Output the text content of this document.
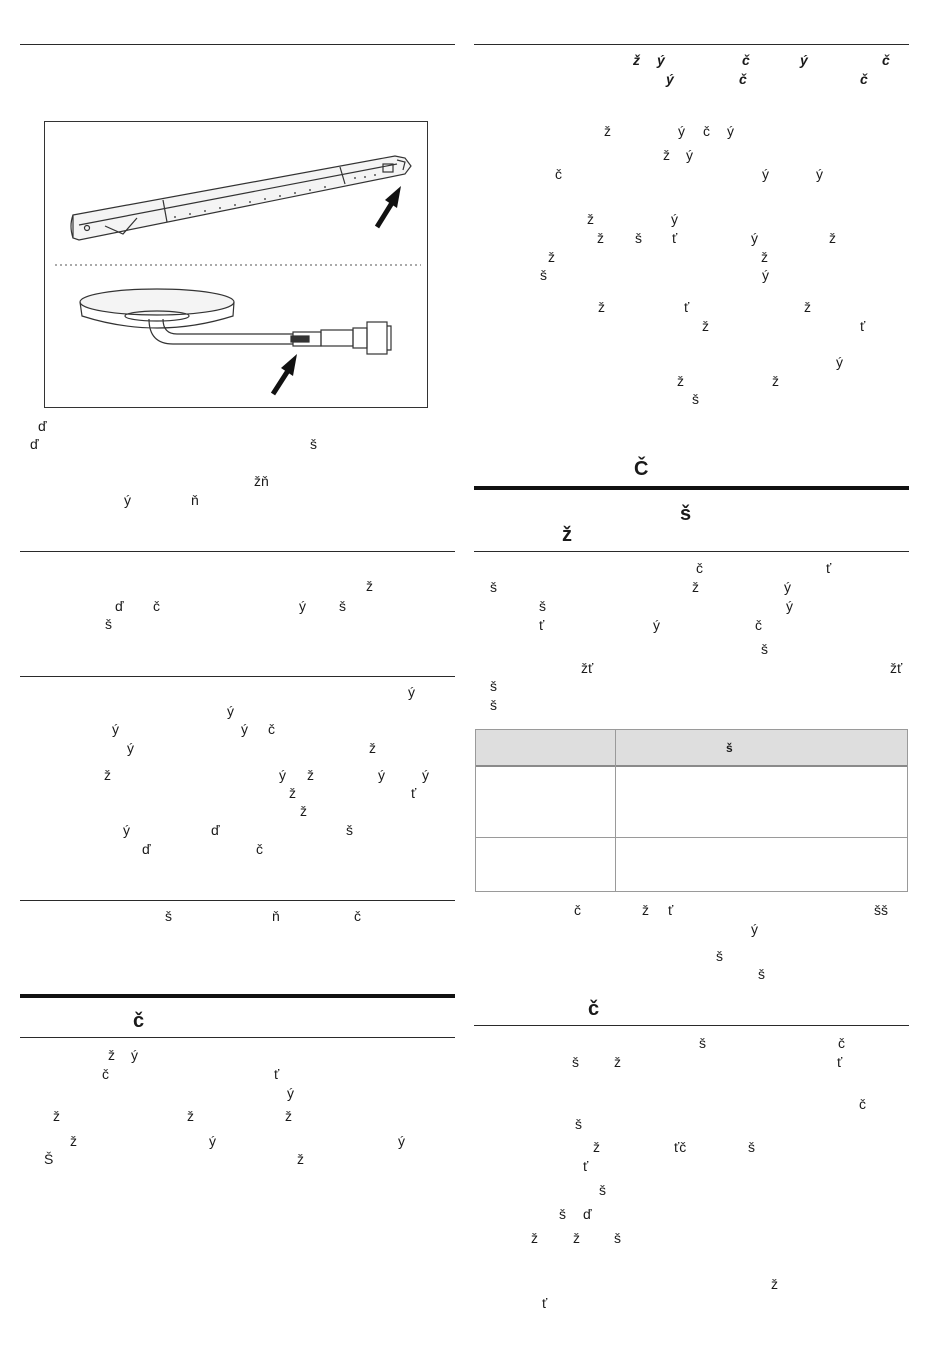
ď
ď	š
žň
ý	ň
ž
ď č	ý š
š
ý
ý
ý	ý č
ý	ž
ž	ý ž	ý	ý
ž	ť
ž
ý	ď	š
ď	č
š	ň	č
č
ž ý
č	ť
ý
ž	ž	ž
ž	ý	ý
Š	ž
ž ý	č	ý	č
ý	č	č
ž	ý č ý
ž ý
č	ý	ý
ž	ý
ž š ť	ý	ž
ž	ž
š	ý
ž	ť	ž
ž	ť
ý
ž	ž
š
Č
š
ž
č	ť
š	ž	ý
š	ý
ť	ý	č
š
žť	žť
š
š
š
č	ž ť	šš
ý
š
š
č
š	č
š	ž	ť
č
š
ž	ťč	š
ť
š
š ď
ž	ž š
ž
ť
